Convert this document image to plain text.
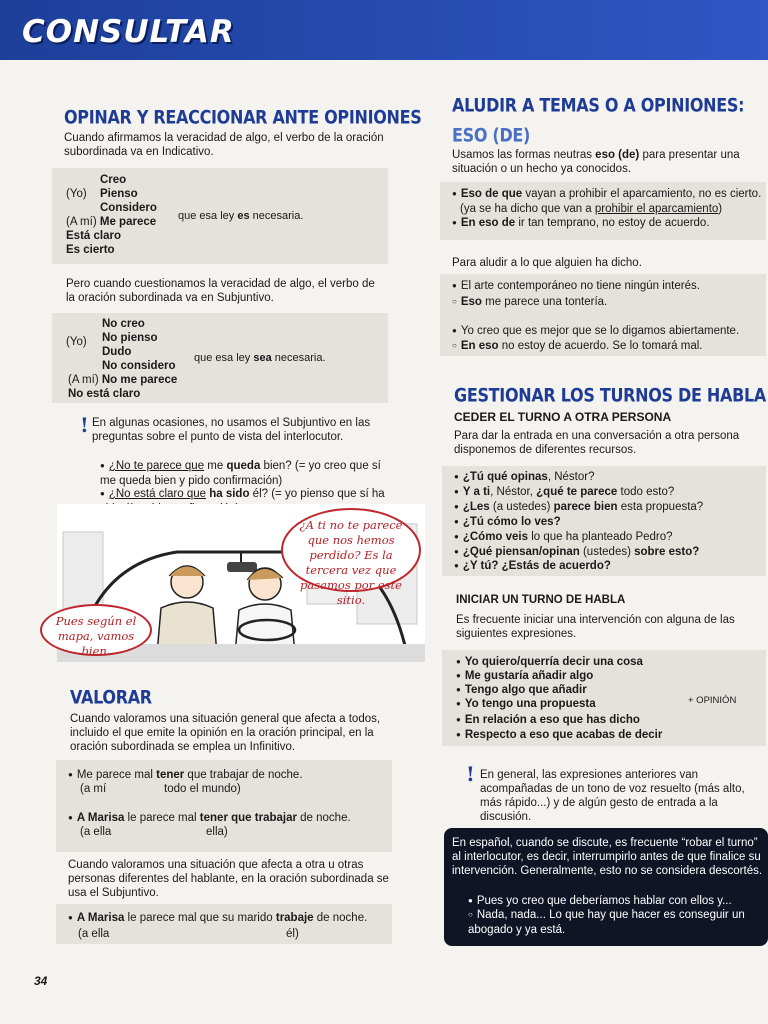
CONSULTAR
OPINAR Y REACCIONAR ANTE OPINIONES
Cuando afirmamos la veracidad de algo, el verbo de la oración subordinada va en Indicativo.
Creo
(Yo) Pienso
Considero
(A mí) Me parece
Está claro
Es cierto
que esa ley es necesaria.
Pero cuando cuestionamos la veracidad de algo, el verbo de la oración subordinada va en Subjuntivo.
No creo
(Yo) No pienso
Dudo
No considero
(A mí) No me parece
No está claro
que esa ley sea necesaria.
! En algunas ocasiones, no usamos el Subjuntivo en las preguntas sobre el punto de vista del interlocutor.
● ¿No te parece que me queda bien? (= yo creo que sí me queda bien y pido confirmación)
● ¿No está claro que ha sido él? (= yo pienso que sí ha
¿A ti no te parece que nos hemos perdido? Es la tercera vez que pasamos por este sitio.
Pues según el mapa, vamos bien.
VALORAR
Cuando valoramos una situación general que afecta a todos, incluido el que emite la opinión en la oración principal, en la oración subordinada se emplea un Infinitivo.
● Me parece mal tener que trabajar de noche.
(a mí	todo el mundo)
● A Marisa le parece mal tener que trabajar de noche.
(a ella	ella)
Cuando valoramos una situación que afecta a otra u otras personas diferentes del hablante, en la oración subordinada se usa el Subjuntivo.
● A Marisa le parece mal que su marido trabaje de noche.
(a ella	él)
34
ALUDIR A TEMAS O A OPINIONES:
ESO (DE)
Usamos las formas neutras eso (de) para presentar una situación o un hecho ya conocidos.
● Eso de que vayan a prohibir el aparcamiento, no es cierto.
(ya se ha dicho que van a prohibir el aparcamiento)
● En eso de ir tan temprano, no estoy de acuerdo.
Para aludir a lo que alguien ha dicho.
● El arte contemporáneo no tiene ningún interés.
○ Eso me parece una tontería.
● Yo creo que es mejor que se lo digamos abiertamente.
○ En eso no estoy de acuerdo. Se lo tomará mal.
GESTIONAR LOS TURNOS DE HABLA
CEDER EL TURNO A OTRA PERSONA
Para dar la entrada en una conversación a otra persona disponemos de diferentes recursos.
● ¿Tú qué opinas, Néstor?
● Y a ti, Néstor, ¿qué te parece todo esto?
● ¿Les (a ustedes) parece bien esta propuesta?
● ¿Tú cómo lo ves?
● ¿Cómo veis lo que ha planteado Pedro?
● ¿Qué piensan/opinan (ustedes) sobre esto?
● ¿Y tú? ¿Estás de acuerdo?
INICIAR UN TURNO DE HABLA
Es frecuente iniciar una intervención con alguna de las siguientes expresiones.
● Yo quiero/querría decir una cosa
● Me gustaría añadir algo
● Tengo algo que añadir
● Yo tengo una propuesta
● En relación a eso que has dicho
● Respecto a eso que acabas de decir
+ OPINIÓN
! En general, las expresiones anteriores van acompañadas de un tono de voz resuelto (más alto, más rápido...) y de algún gesto de entrada a la discusión.
En español, cuando se discute, es frecuente “robar el turno” al interlocutor, es decir, interrumpirlo antes de que finalice su intervención. Generalmente, esto no se considera descortés.
● Pues yo creo que deberíamos hablar con ellos y...
○ Nada, nada... Lo que hay que hacer es conseguir un abogado y ya está.
